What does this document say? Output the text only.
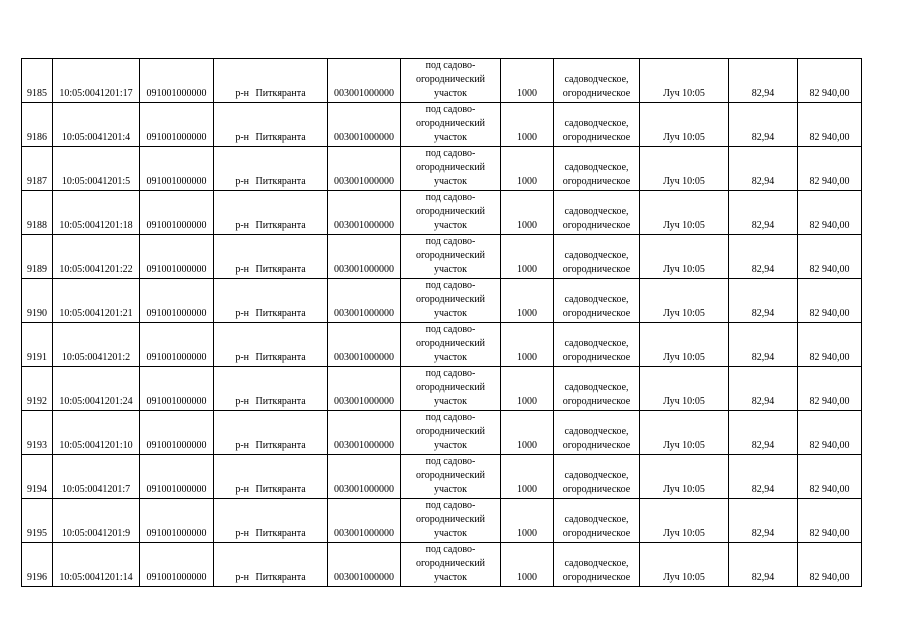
9185	10:05:0041201:17	091001000000	р-н Питкяранта	003001000000	под садово-
огороднический
участок	1000	садоводческое,
огородническое	Луч 10:05	82,94	82 940,00
9186	10:05:0041201:4	091001000000	р-н Питкяранта	003001000000	под садово-
огороднический
участок	1000	садоводческое,
огородническое	Луч 10:05	82,94	82 940,00
9187	10:05:0041201:5	091001000000	р-н Питкяранта	003001000000	под садово-
огороднический
участок	1000	садоводческое,
огородническое	Луч 10:05	82,94	82 940,00
9188	10:05:0041201:18	091001000000	р-н Питкяранта	003001000000	под садово-
огороднический
участок	1000	садоводческое,
огородническое	Луч 10:05	82,94	82 940,00
9189	10:05:0041201:22	091001000000	р-н Питкяранта	003001000000	под садово-
огороднический
участок	1000	садоводческое,
огородническое	Луч 10:05	82,94	82 940,00
9190	10:05:0041201:21	091001000000	р-н Питкяранта	003001000000	под садово-
огороднический
участок	1000	садоводческое,
огородническое	Луч 10:05	82,94	82 940,00
9191	10:05:0041201:2	091001000000	р-н Питкяранта	003001000000	под садово-
огороднический
участок	1000	садоводческое,
огородническое	Луч 10:05	82,94	82 940,00
9192	10:05:0041201:24	091001000000	р-н Питкяранта	003001000000	под садово-
огороднический
участок	1000	садоводческое,
огородническое	Луч 10:05	82,94	82 940,00
9193	10:05:0041201:10	091001000000	р-н Питкяранта	003001000000	под садово-
огороднический
участок	1000	садоводческое,
огородническое	Луч 10:05	82,94	82 940,00
9194	10:05:0041201:7	091001000000	р-н Питкяранта	003001000000	под садово-
огороднический
участок	1000	садоводческое,
огородническое	Луч 10:05	82,94	82 940,00
9195	10:05:0041201:9	091001000000	р-н Питкяранта	003001000000	под садово-
огороднический
участок	1000	садоводческое,
огородническое	Луч 10:05	82,94	82 940,00
9196	10:05:0041201:14	091001000000	р-н Питкяранта	003001000000	под садово-
огороднический
участок	1000	садоводческое,
огородническое	Луч 10:05	82,94	82 940,00
